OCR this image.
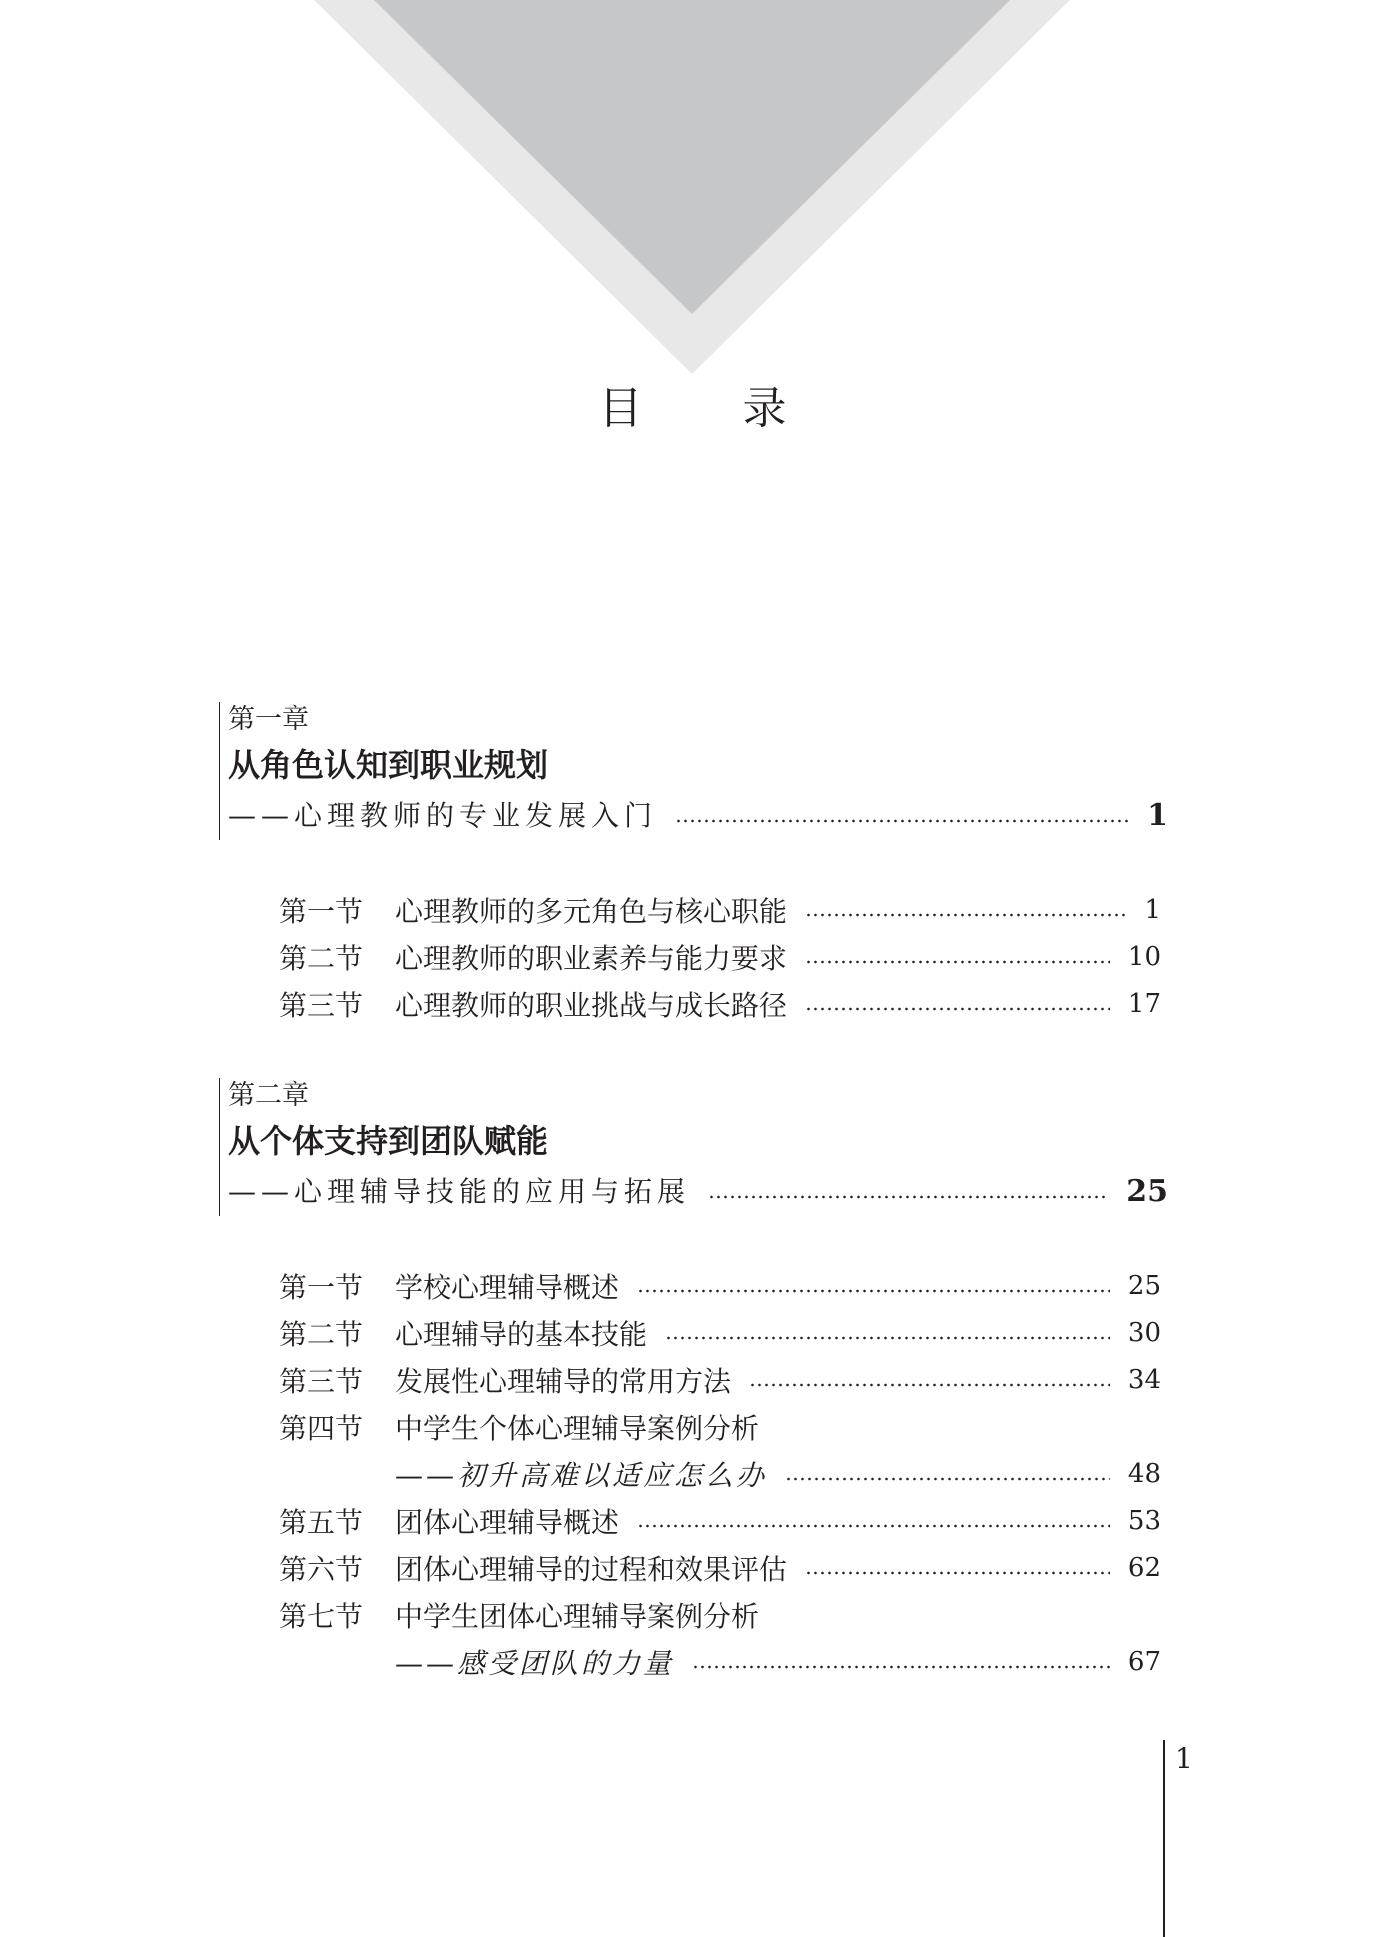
目录
第一章
从角色认知到职业规划
——心理教师的专业发展入门	1
第一节	心理教师的多元角色与核心职能	1
第二节	心理教师的职业素养与能力要求	10
第三节	心理教师的职业挑战与成长路径	17
第二章
从个体支持到团队赋能
——心理辅导技能的应用与拓展	25
第一节	学校心理辅导概述	25
第二节	心理辅导的基本技能	30
第三节	发展性心理辅导的常用方法	34
第四节	中学生个体心理辅导案例分析
——初升高难以适应怎么办	48
第五节	团体心理辅导概述	53
第六节	团体心理辅导的过程和效果评估	62
第七节	中学生团体心理辅导案例分析
——感受团队的力量	67
1
